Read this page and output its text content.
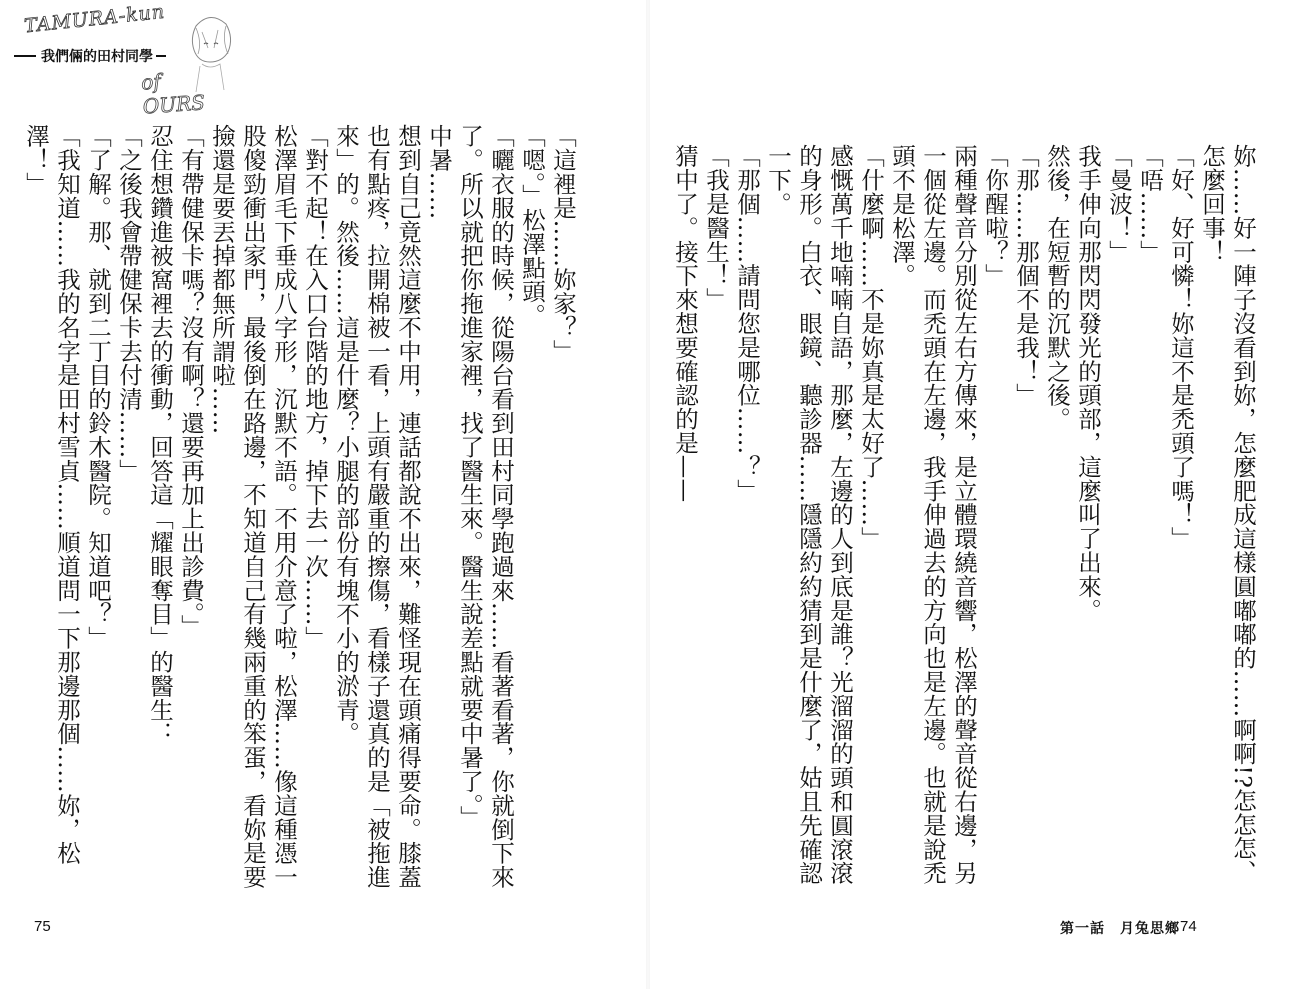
TAMURA-kun
我們倆的田村同學
of OURS

「這裡是……妳家？」

「嗯。」松澤點頭。

「曬衣服的時候，從陽台看到田村同學跑過來……看著看著，你就倒下來了。所以就把你拖進家裡，找了醫生來。醫生說差點就要中暑了。」

中暑……

想到自己竟然這麼不中用，連話都說不出來，難怪現在頭痛得要命。膝蓋也有點疼，拉開棉被一看，上頭有嚴重的擦傷，看樣子還真的是「被拖進來」的。然後……這是什麼？小腿的部份有塊不小的淤青。

「對不起！在入口台階的地方，掉下去一次……」

松澤眉毛下垂成八字形，沉默不語。不用介意了啦，松澤……像這種憑一股傻勁衝出家門，最後倒在路邊，不知道自己有幾兩重的笨蛋，看妳是要撿還是要丟掉都無所謂啦……

「有帶健保卡嗎？沒有啊？還要再加上出診費。」

忍住想鑽進被窩裡去的衝動，回答這「耀眼奪目」的醫生：

「之後我會帶健保卡去付清……」

「了解。那、就到二丁目的鈴木醫院。知道吧？」

「我知道……我的名字是田村雪貞……順道問一下那邊那個……妳，松澤！」

75

妳……好一陣子沒看到妳，怎麼肥成這樣圓嘟嘟的……啊啊!?怎怎怎、怎麼回事！

「好、好可憐！妳這不是禿頭了嗎！」

「唔……」

「曼波！」

我手伸向那閃閃發光的頭部，這麼叫了出來。

然後，在短暫的沉默之後。

「那……那個不是我！」

「你醒啦？」

兩種聲音分別從左右方傳來，是立體環繞音響，松澤的聲音從右邊，另一個從左邊。而禿頭在左邊，我手伸過去的方向也是左邊。也就是說禿頭不是松澤。

「什麼啊……不是妳真是太好了……」

感慨萬千地喃喃自語，那麼，左邊的人到底是誰？光溜溜的頭和圓滾滾的身形。白衣、眼鏡、聽診器……隱隱約約猜到是什麼了，姑且先確認一下。

「那個……請問您是哪位……？」

「我是醫生！」

猜中了。接下來想要確認的是——

第一話　月兔思鄉 74
